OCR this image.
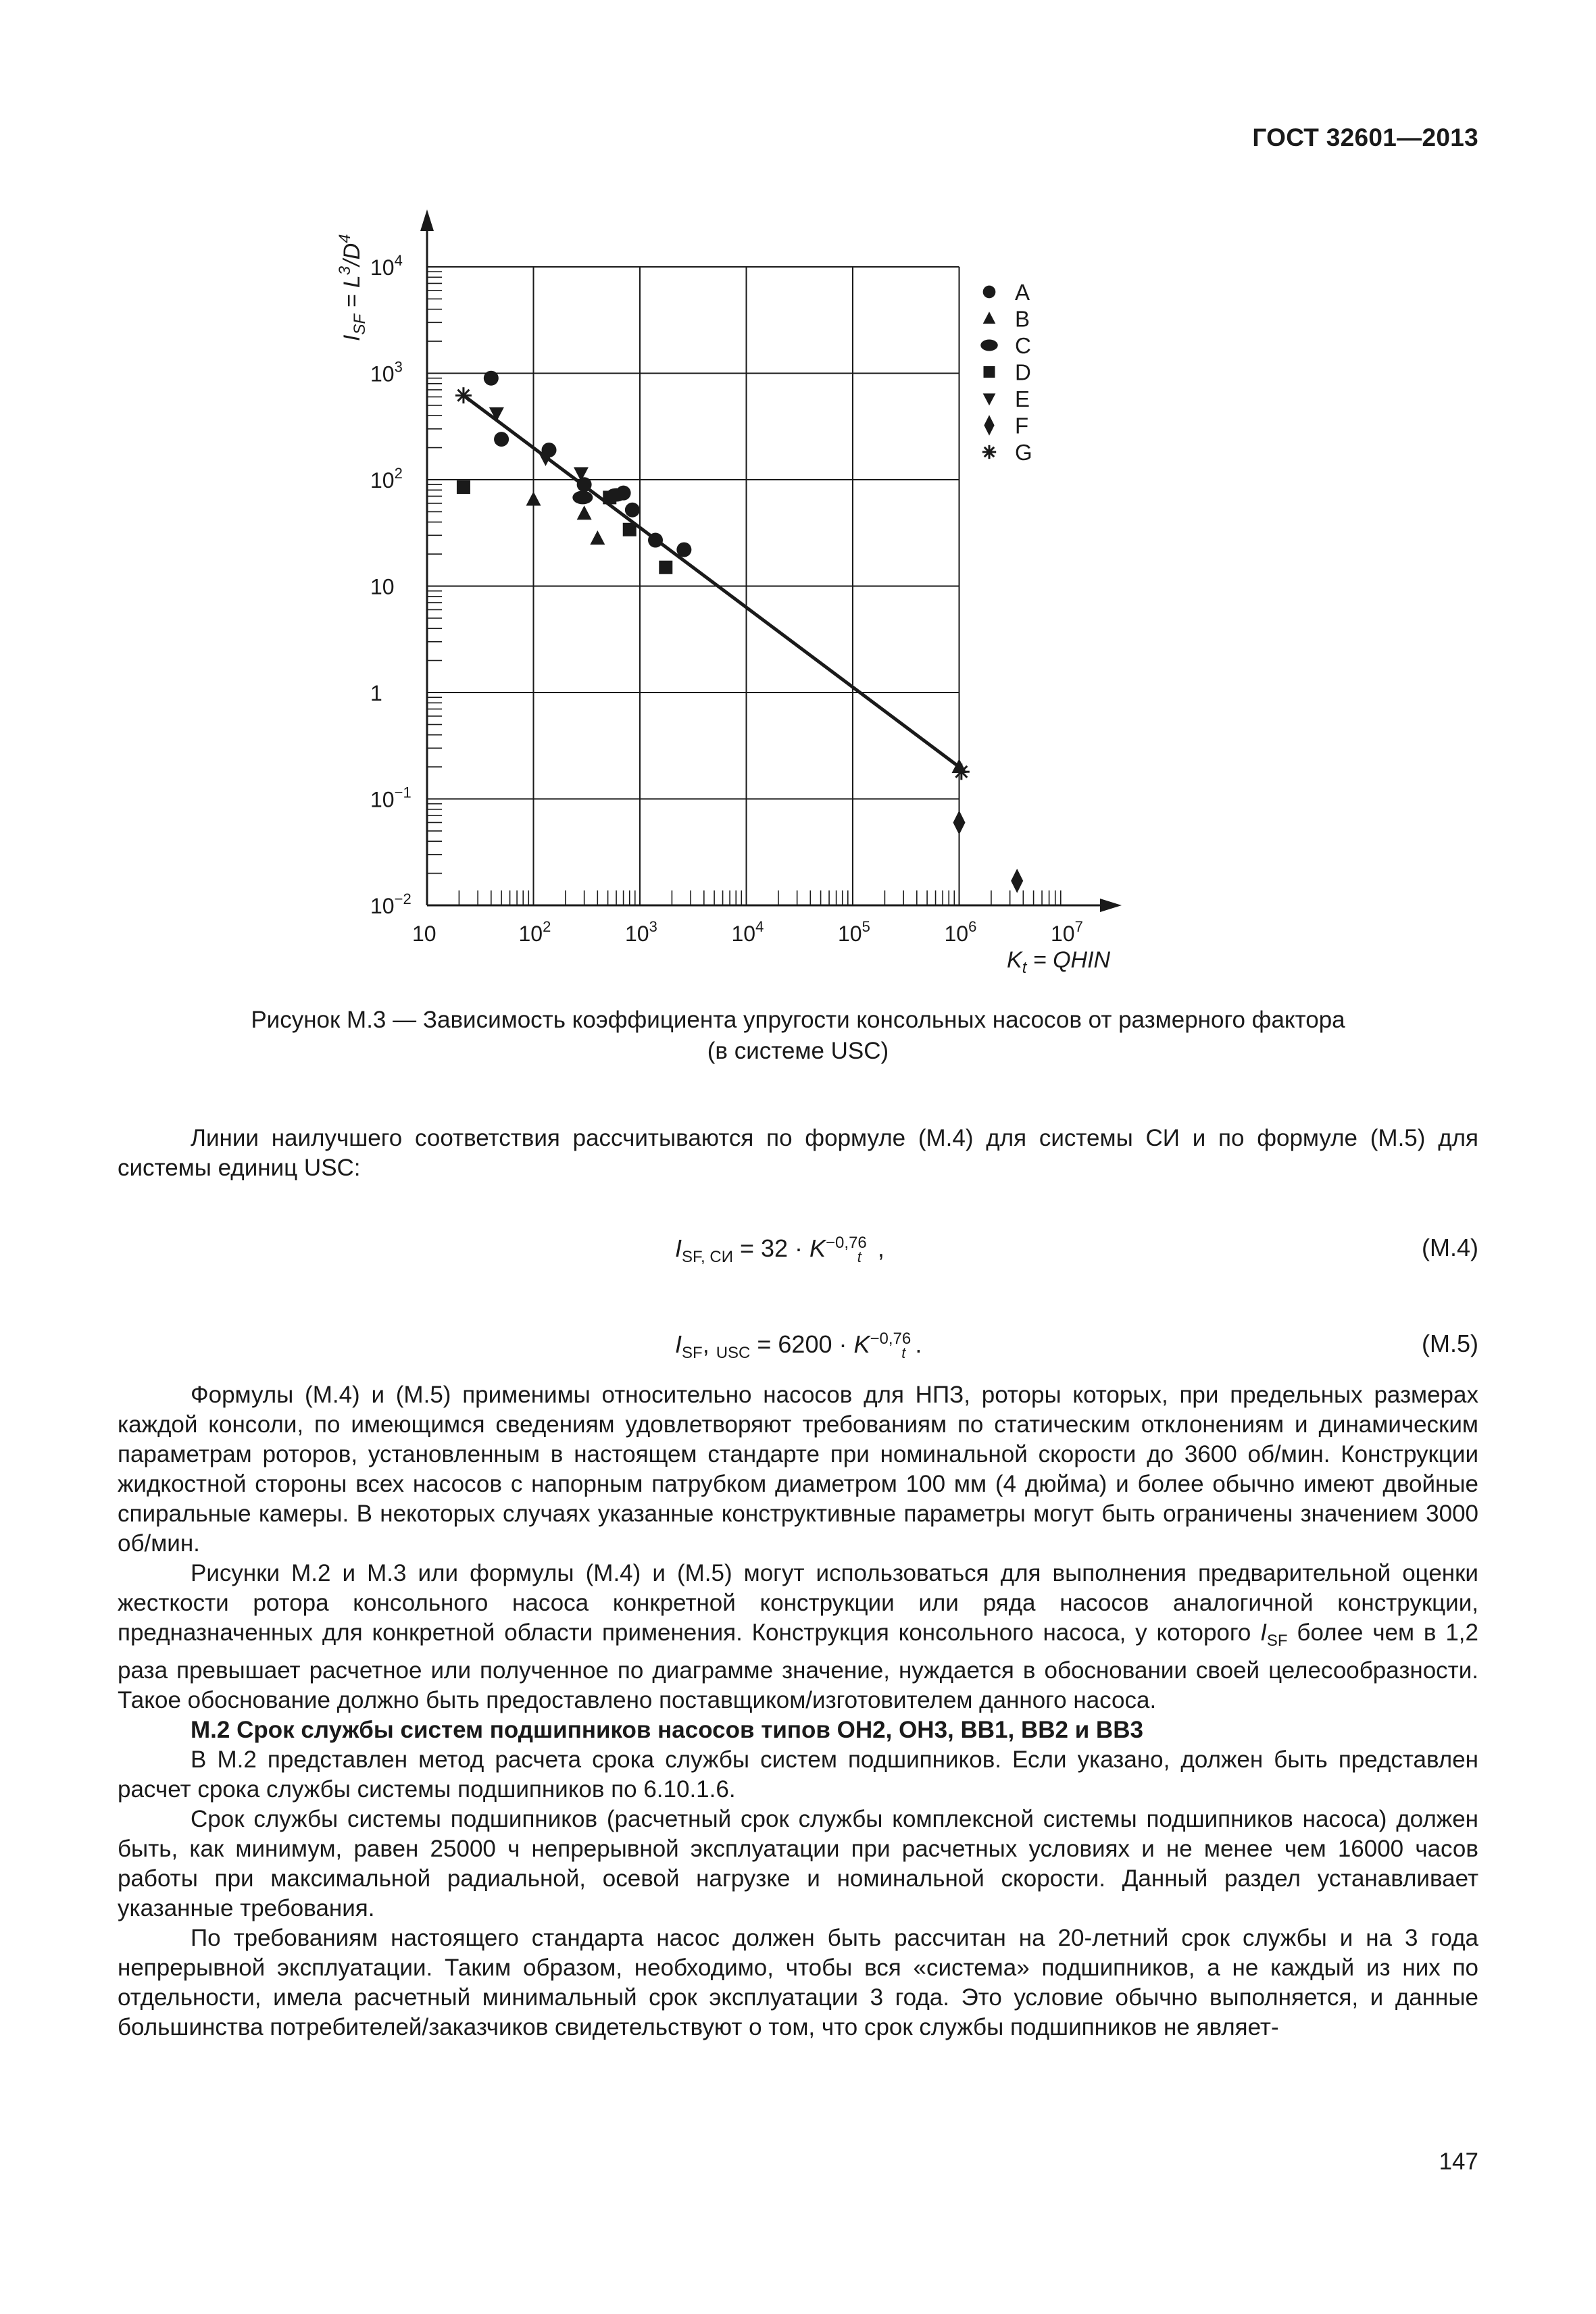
ГОСТ 32601—2013
$10^4$
$10^3$
$10^2$
10
1
$10^{-1}$
$10^{-2}$
10	$10^2$	$10^3$	$10^4$	$10^5$	$10^6$	$10^7$
A
B
C
D
E
F
G
$I_{SF} = L^3/D^4$
$K_t$ = QHIN
Рисунок М.3 — Зависимость коэффициента упругости консольных насосов от размерного фактора
(в системе USC)

Линии наилучшего соответствия рассчитываются по формуле (М.4) для системы СИ и по формуле (М.5) для системы единиц USC:

$I_{SF, СИ} = 32 \cdot K^{-0,76}_t$ ,	(М.4)
$I_{SF}$, $_{USC} = 6200 \cdot K^{-0,76}_t$ .	(М.5)

Формулы (М.4) и (М.5) применимы относительно насосов для НПЗ, роторы которых, при предельных размерах каждой консоли, по имеющимся сведениям удовлетворяют требованиям по статическим отклонениям и динамическим параметрам роторов, установленным в настоящем стандарте при номинальной скорости до 3600 об/мин. Конструкции жидкостной стороны всех насосов с напорным патрубком диаметром 100 мм (4 дюйма) и более обычно имеют двойные спиральные камеры. В некоторых случаях указанные конструктивные параметры могут быть ограничены значением 3000 об/мин.

Рисунки М.2 и М.3 или формулы (М.4) и (М.5) могут использоваться для выполнения предварительной оценки жесткости ротора консольного насоса конкретной конструкции или ряда насосов аналогичной конструкции, предназначенных для конкретной области применения. Конструкция консольного насоса, у которого $I_{SF}$ более чем в 1,2 раза превышает расчетное или полученное по диаграмме значение, нуждается в обосновании своей целесообразности. Такое обоснование должно быть предоставлено поставщиком/изготовителем данного насоса.

М.2 Срок службы систем подшипников насосов типов ОН2, ОН3, ВВ1, ВВ2 и ВВ3

В М.2 представлен метод расчета срока службы систем подшипников. Если указано, должен быть представлен расчет срока службы системы подшипников по 6.10.1.6.

Срок службы системы подшипников (расчетный срок службы комплексной системы подшипников насоса) должен быть, как минимум, равен 25000 ч непрерывной эксплуатации при расчетных условиях и не менее чем 16000 часов работы при максимальной радиальной, осевой нагрузке и номинальной скорости. Данный раздел устанавливает указанные требования.

По требованиям настоящего стандарта насос должен быть рассчитан на 20-летний срок службы и на 3 года непрерывной эксплуатации. Таким образом, необходимо, чтобы вся «система» подшипников, а не каждый из них по отдельности, имела расчетный минимальный срок эксплуатации 3 года. Это условие обычно выполняется, и данные большинства потребителей/заказчиков свидетельствуют о том, что срок службы подшипников не являет-

147
